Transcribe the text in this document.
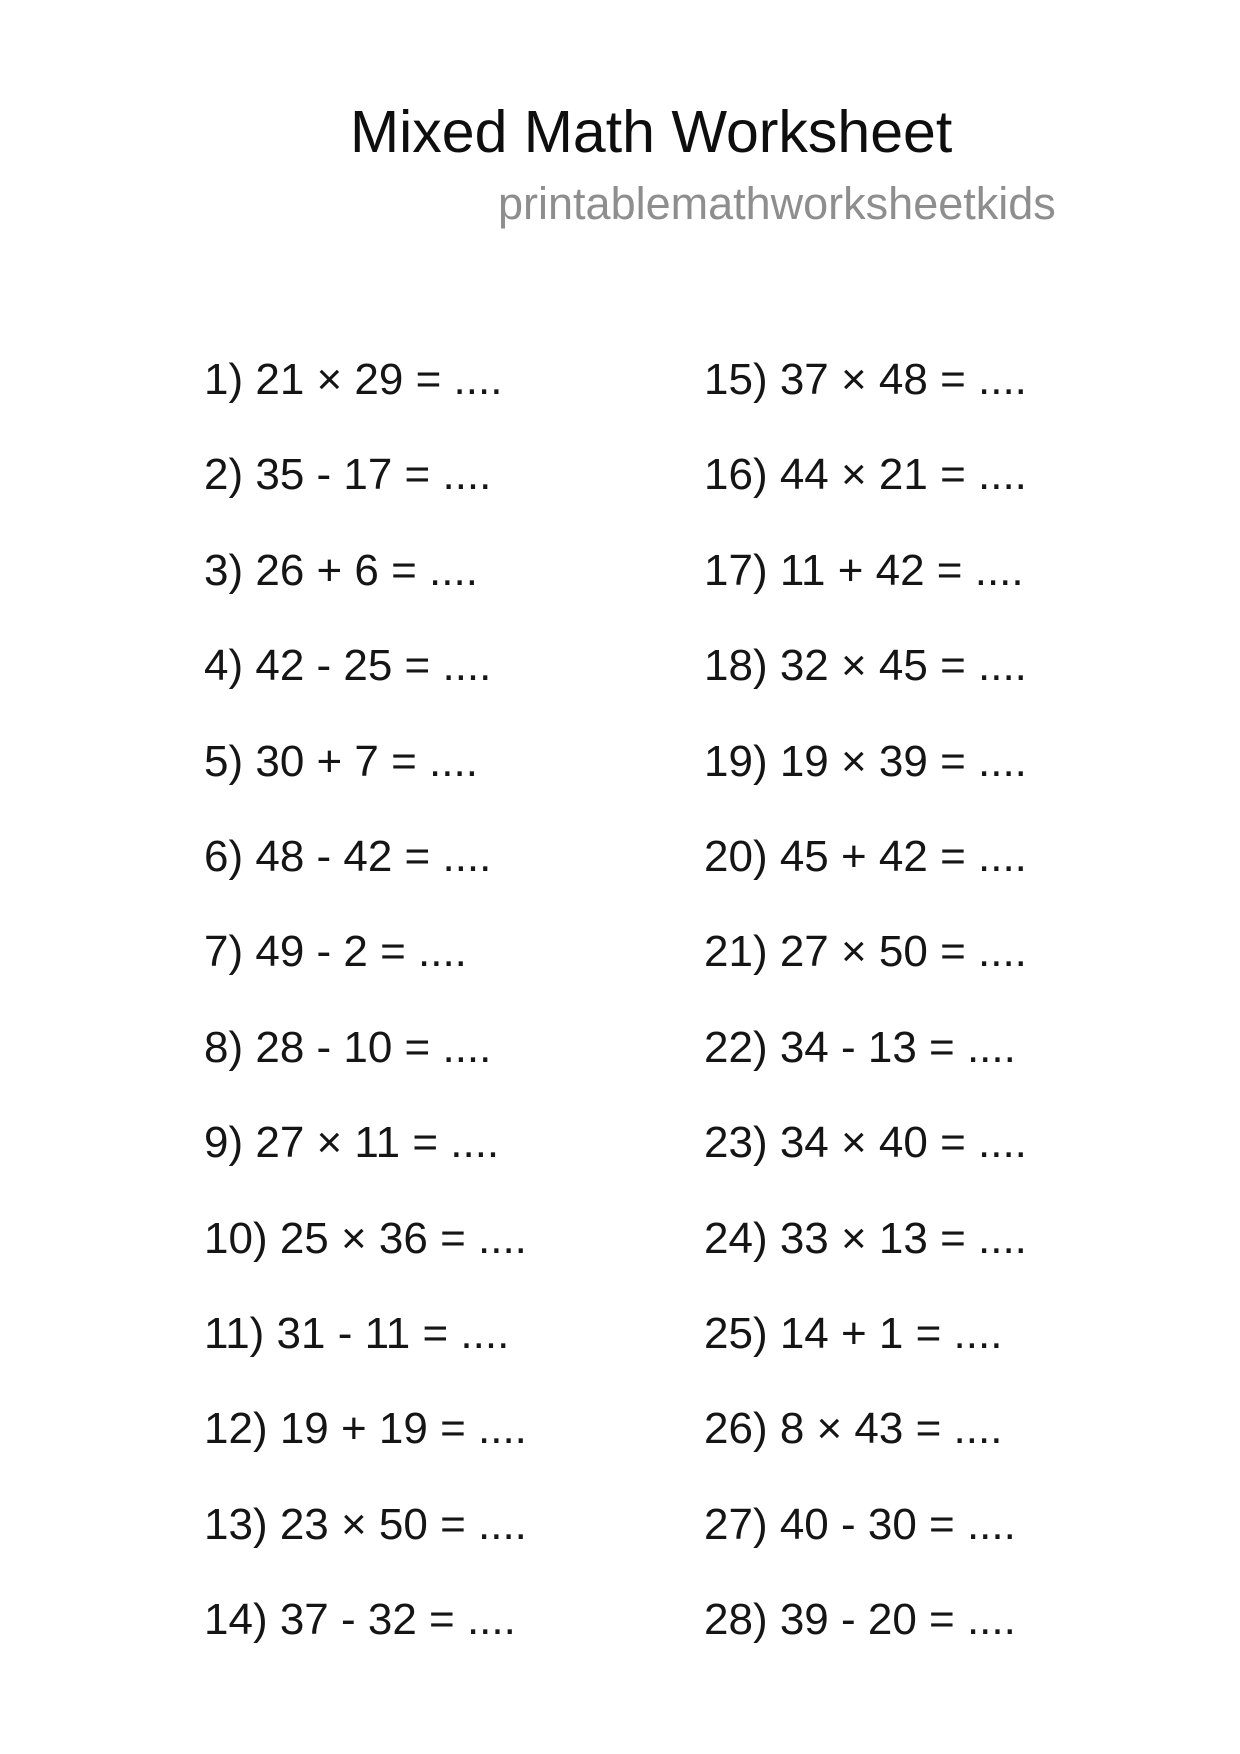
Mixed Math Worksheet
printablemathworksheetkids
1) 21 × 29 = ....
2) 35 - 17 = ....
3) 26 + 6 = ....
4) 42 - 25 = ....
5) 30 + 7 = ....
6) 48 - 42 = ....
7) 49 - 2 = ....
8) 28 - 10 = ....
9) 27 × 11 = ....
10) 25 × 36 = ....
11) 31 - 11 = ....
12) 19 + 19 = ....
13) 23 × 50 = ....
14) 37 - 32 = ....
15) 37 × 48 = ....
16) 44 × 21 = ....
17) 11 + 42 = ....
18) 32 × 45 = ....
19) 19 × 39 = ....
20) 45 + 42 = ....
21) 27 × 50 = ....
22) 34 - 13 = ....
23) 34 × 40 = ....
24) 33 × 13 = ....
25) 14 + 1 = ....
26) 8 × 43 = ....
27) 40 - 30 = ....
28) 39 - 20 = ....
